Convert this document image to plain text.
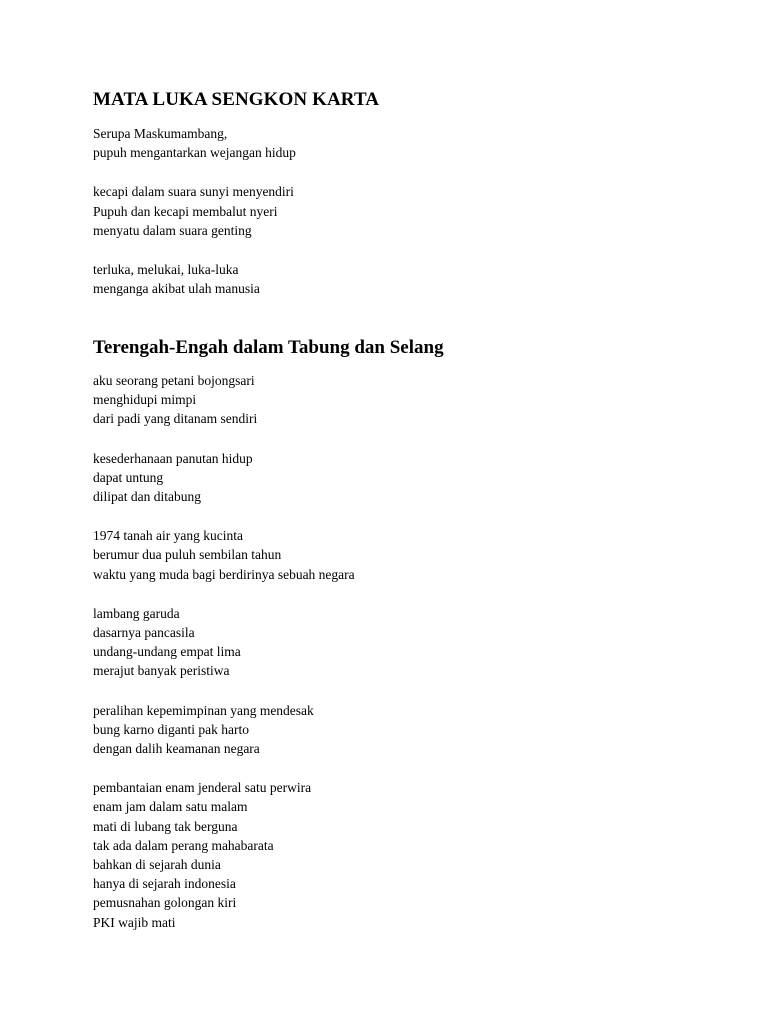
MATA LUKA SENGKON KARTA
Serupa Maskumambang,
pupuh mengantarkan wejangan hidup
kecapi dalam suara sunyi menyendiri
Pupuh dan kecapi membalut nyeri
menyatu dalam suara genting
terluka, melukai, luka-luka
menganga akibat ulah manusia
Terengah-Engah dalam Tabung dan Selang
aku seorang petani bojongsari
menghidupi mimpi
dari padi yang ditanam sendiri
kesederhanaan panutan hidup
dapat untung
dilipat dan ditabung
1974 tanah air yang kucinta
berumur dua puluh sembilan tahun
waktu yang muda bagi berdirinya sebuah negara
lambang garuda
dasarnya pancasila
undang-undang empat lima
merajut banyak peristiwa
peralihan kepemimpinan yang mendesak
bung karno diganti pak harto
dengan dalih keamanan negara
pembantaian enam jenderal satu perwira
enam jam dalam satu malam
mati di lubang tak berguna
tak ada dalam perang mahabarata
bahkan di sejarah dunia
hanya di sejarah indonesia
pemusnahan golongan kiri
PKI wajib mati
